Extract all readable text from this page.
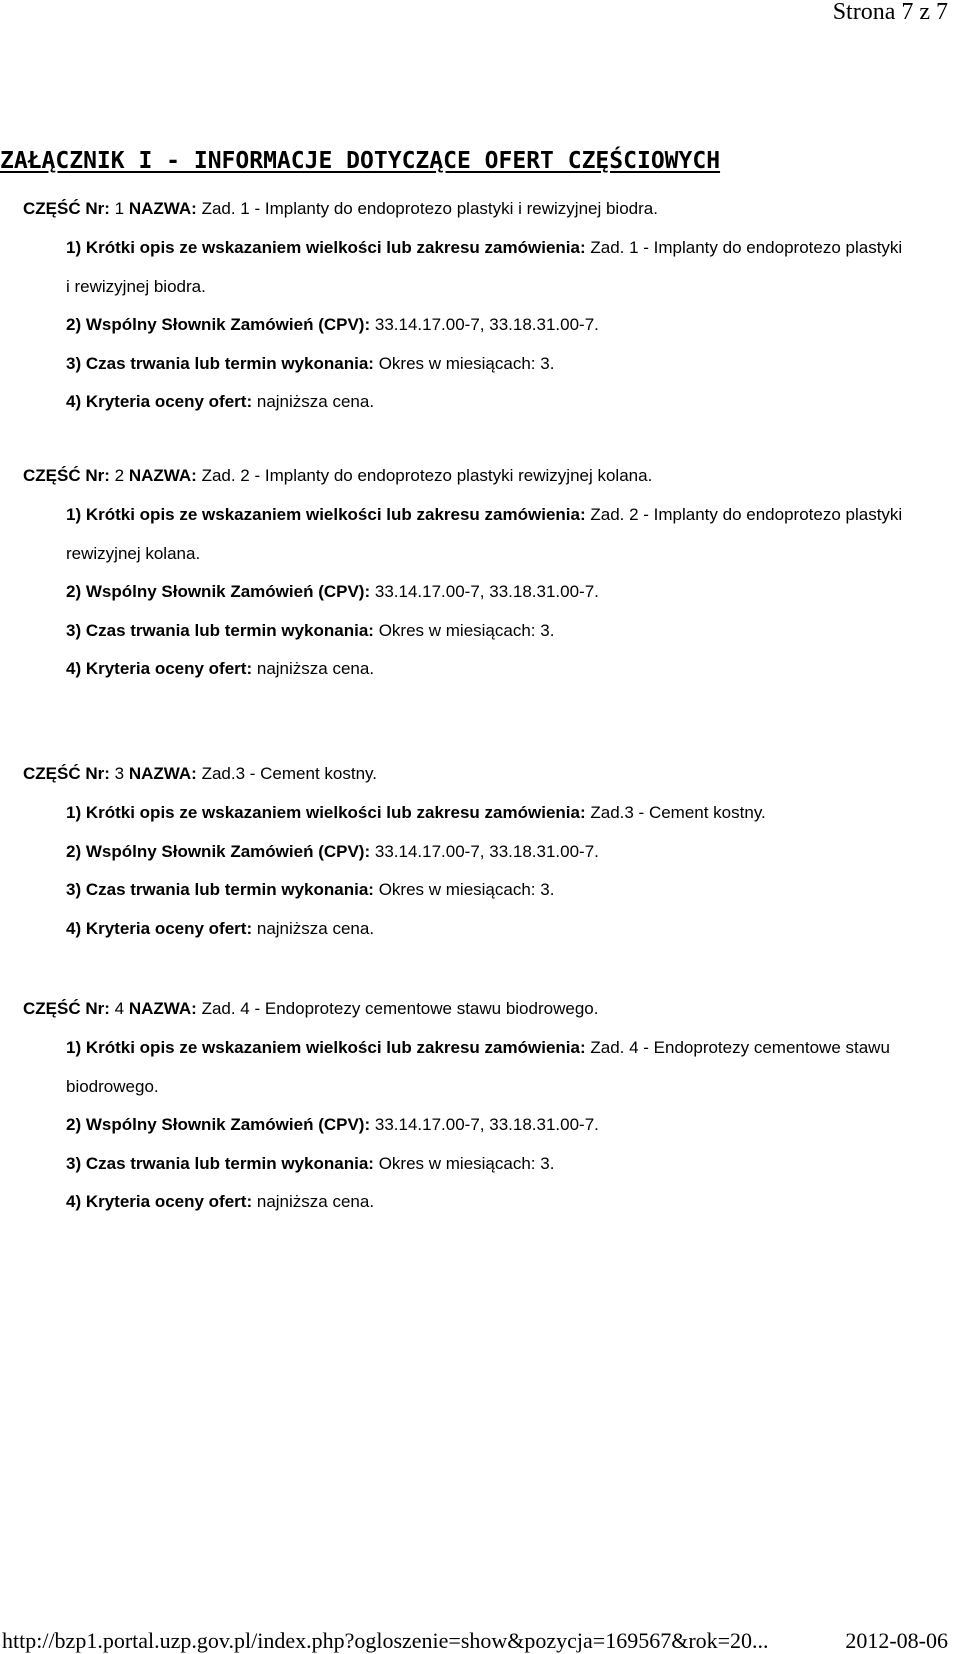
Strona 7 z 7
ZAŁĄCZNIK I - INFORMACJE DOTYCZĄCE OFERT CZĘŚCIOWYCH
CZĘŚĆ Nr: 1 NAZWA: Zad. 1 - Implanty do endoprotezo plastyki i rewizyjnej biodra.
1) Krótki opis ze wskazaniem wielkości lub zakresu zamówienia: Zad. 1 - Implanty do endoprotezo plastyki i rewizyjnej biodra.
2) Wspólny Słownik Zamówień (CPV): 33.14.17.00-7, 33.18.31.00-7.
3) Czas trwania lub termin wykonania: Okres w miesiącach: 3.
4) Kryteria oceny ofert: najniższa cena.
CZĘŚĆ Nr: 2 NAZWA: Zad. 2 - Implanty do endoprotezo plastyki rewizyjnej kolana.
1) Krótki opis ze wskazaniem wielkości lub zakresu zamówienia: Zad. 2 - Implanty do endoprotezo plastyki rewizyjnej kolana.
2) Wspólny Słownik Zamówień (CPV): 33.14.17.00-7, 33.18.31.00-7.
3) Czas trwania lub termin wykonania: Okres w miesiącach: 3.
4) Kryteria oceny ofert: najniższa cena.
CZĘŚĆ Nr: 3 NAZWA: Zad.3 - Cement kostny.
1) Krótki opis ze wskazaniem wielkości lub zakresu zamówienia: Zad.3 - Cement kostny.
2) Wspólny Słownik Zamówień (CPV): 33.14.17.00-7, 33.18.31.00-7.
3) Czas trwania lub termin wykonania: Okres w miesiącach: 3.
4) Kryteria oceny ofert: najniższa cena.
CZĘŚĆ Nr: 4 NAZWA: Zad. 4 - Endoprotezy cementowe stawu biodrowego.
1) Krótki opis ze wskazaniem wielkości lub zakresu zamówienia: Zad. 4 - Endoprotezy cementowe stawu biodrowego.
2) Wspólny Słownik Zamówień (CPV): 33.14.17.00-7, 33.18.31.00-7.
3) Czas trwania lub termin wykonania: Okres w miesiącach: 3.
4) Kryteria oceny ofert: najniższa cena.
http://bzp1.portal.uzp.gov.pl/index.php?ogloszenie=show&pozycja=169567&rok=20...	2012-08-06
